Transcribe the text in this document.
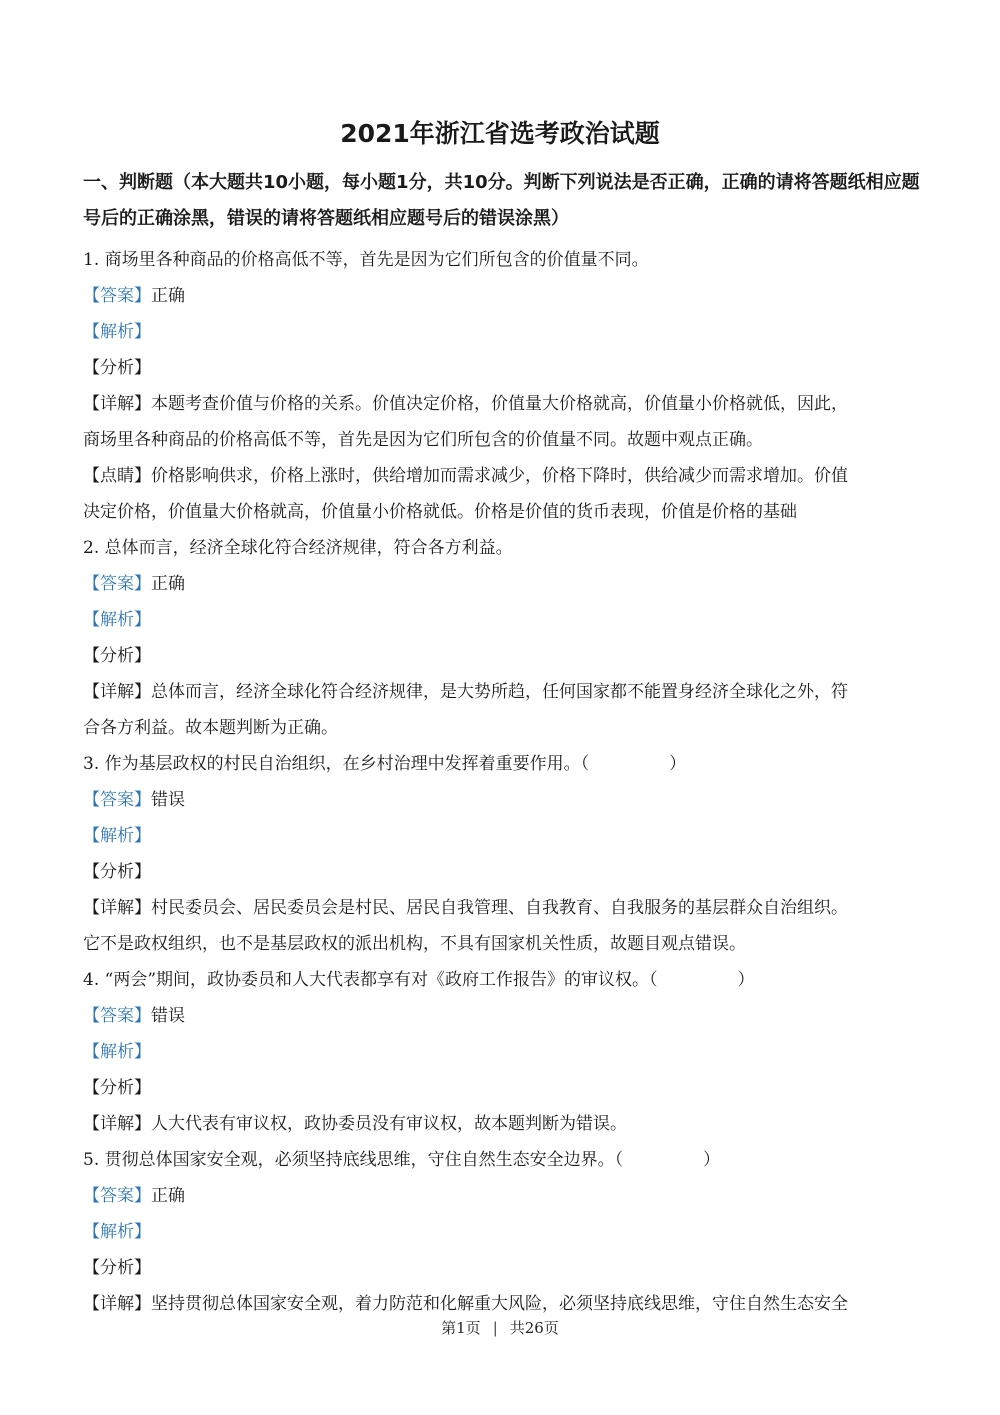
2021年浙江省选考政治试题
一、判断题（本大题共10小题，每小题1分，共10分。判断下列说法是否正确，正确的请将答题纸相应题号后的正确涂黑，错误的请将答题纸相应题号后的错误涂黑）
1. 商场里各种商品的价格高低不等，首先是因为它们所包含的价值量不同。
【答案】正确
【解析】
【分析】
【详解】本题考查价值与价格的关系。价值决定价格，价值量大价格就高，价值量小价格就低，因此，
商场里各种商品的价格高低不等，首先是因为它们所包含的价值量不同。故题中观点正确。
【点睛】价格影响供求，价格上涨时，供给增加而需求减少，价格下降时，供给减少而需求增加。价值
决定价格，价值量大价格就高，价值量小价格就低。价格是价值的货币表现，价值是价格的基础
2. 总体而言，经济全球化符合经济规律，符合各方利益。
【答案】正确
【解析】
【分析】
【详解】总体而言，经济全球化符合经济规律，是大势所趋，任何国家都不能置身经济全球化之外，符
合各方利益。故本题判断为正确。
3. 作为基层政权的村民自治组织，在乡村治理中发挥着重要作用。（	）
【答案】错误
【解析】
【分析】
【详解】村民委员会、居民委员会是村民、居民自我管理、自我教育、自我服务的基层群众自治组织。
它不是政权组织，也不是基层政权的派出机构，不具有国家机关性质，故题目观点错误。
4. “两会”期间，政协委员和人大代表都享有对《政府工作报告》的审议权。（	）
【答案】错误
【解析】
【分析】
【详解】人大代表有审议权，政协委员没有审议权，故本题判断为错误。
5. 贯彻总体国家安全观，必须坚持底线思维，守住自然生态安全边界。（	）
【答案】正确
【解析】
【分析】
【详解】坚持贯彻总体国家安全观，着力防范和化解重大风险，必须坚持底线思维，守住自然生态安全
第1页 | 共26页
